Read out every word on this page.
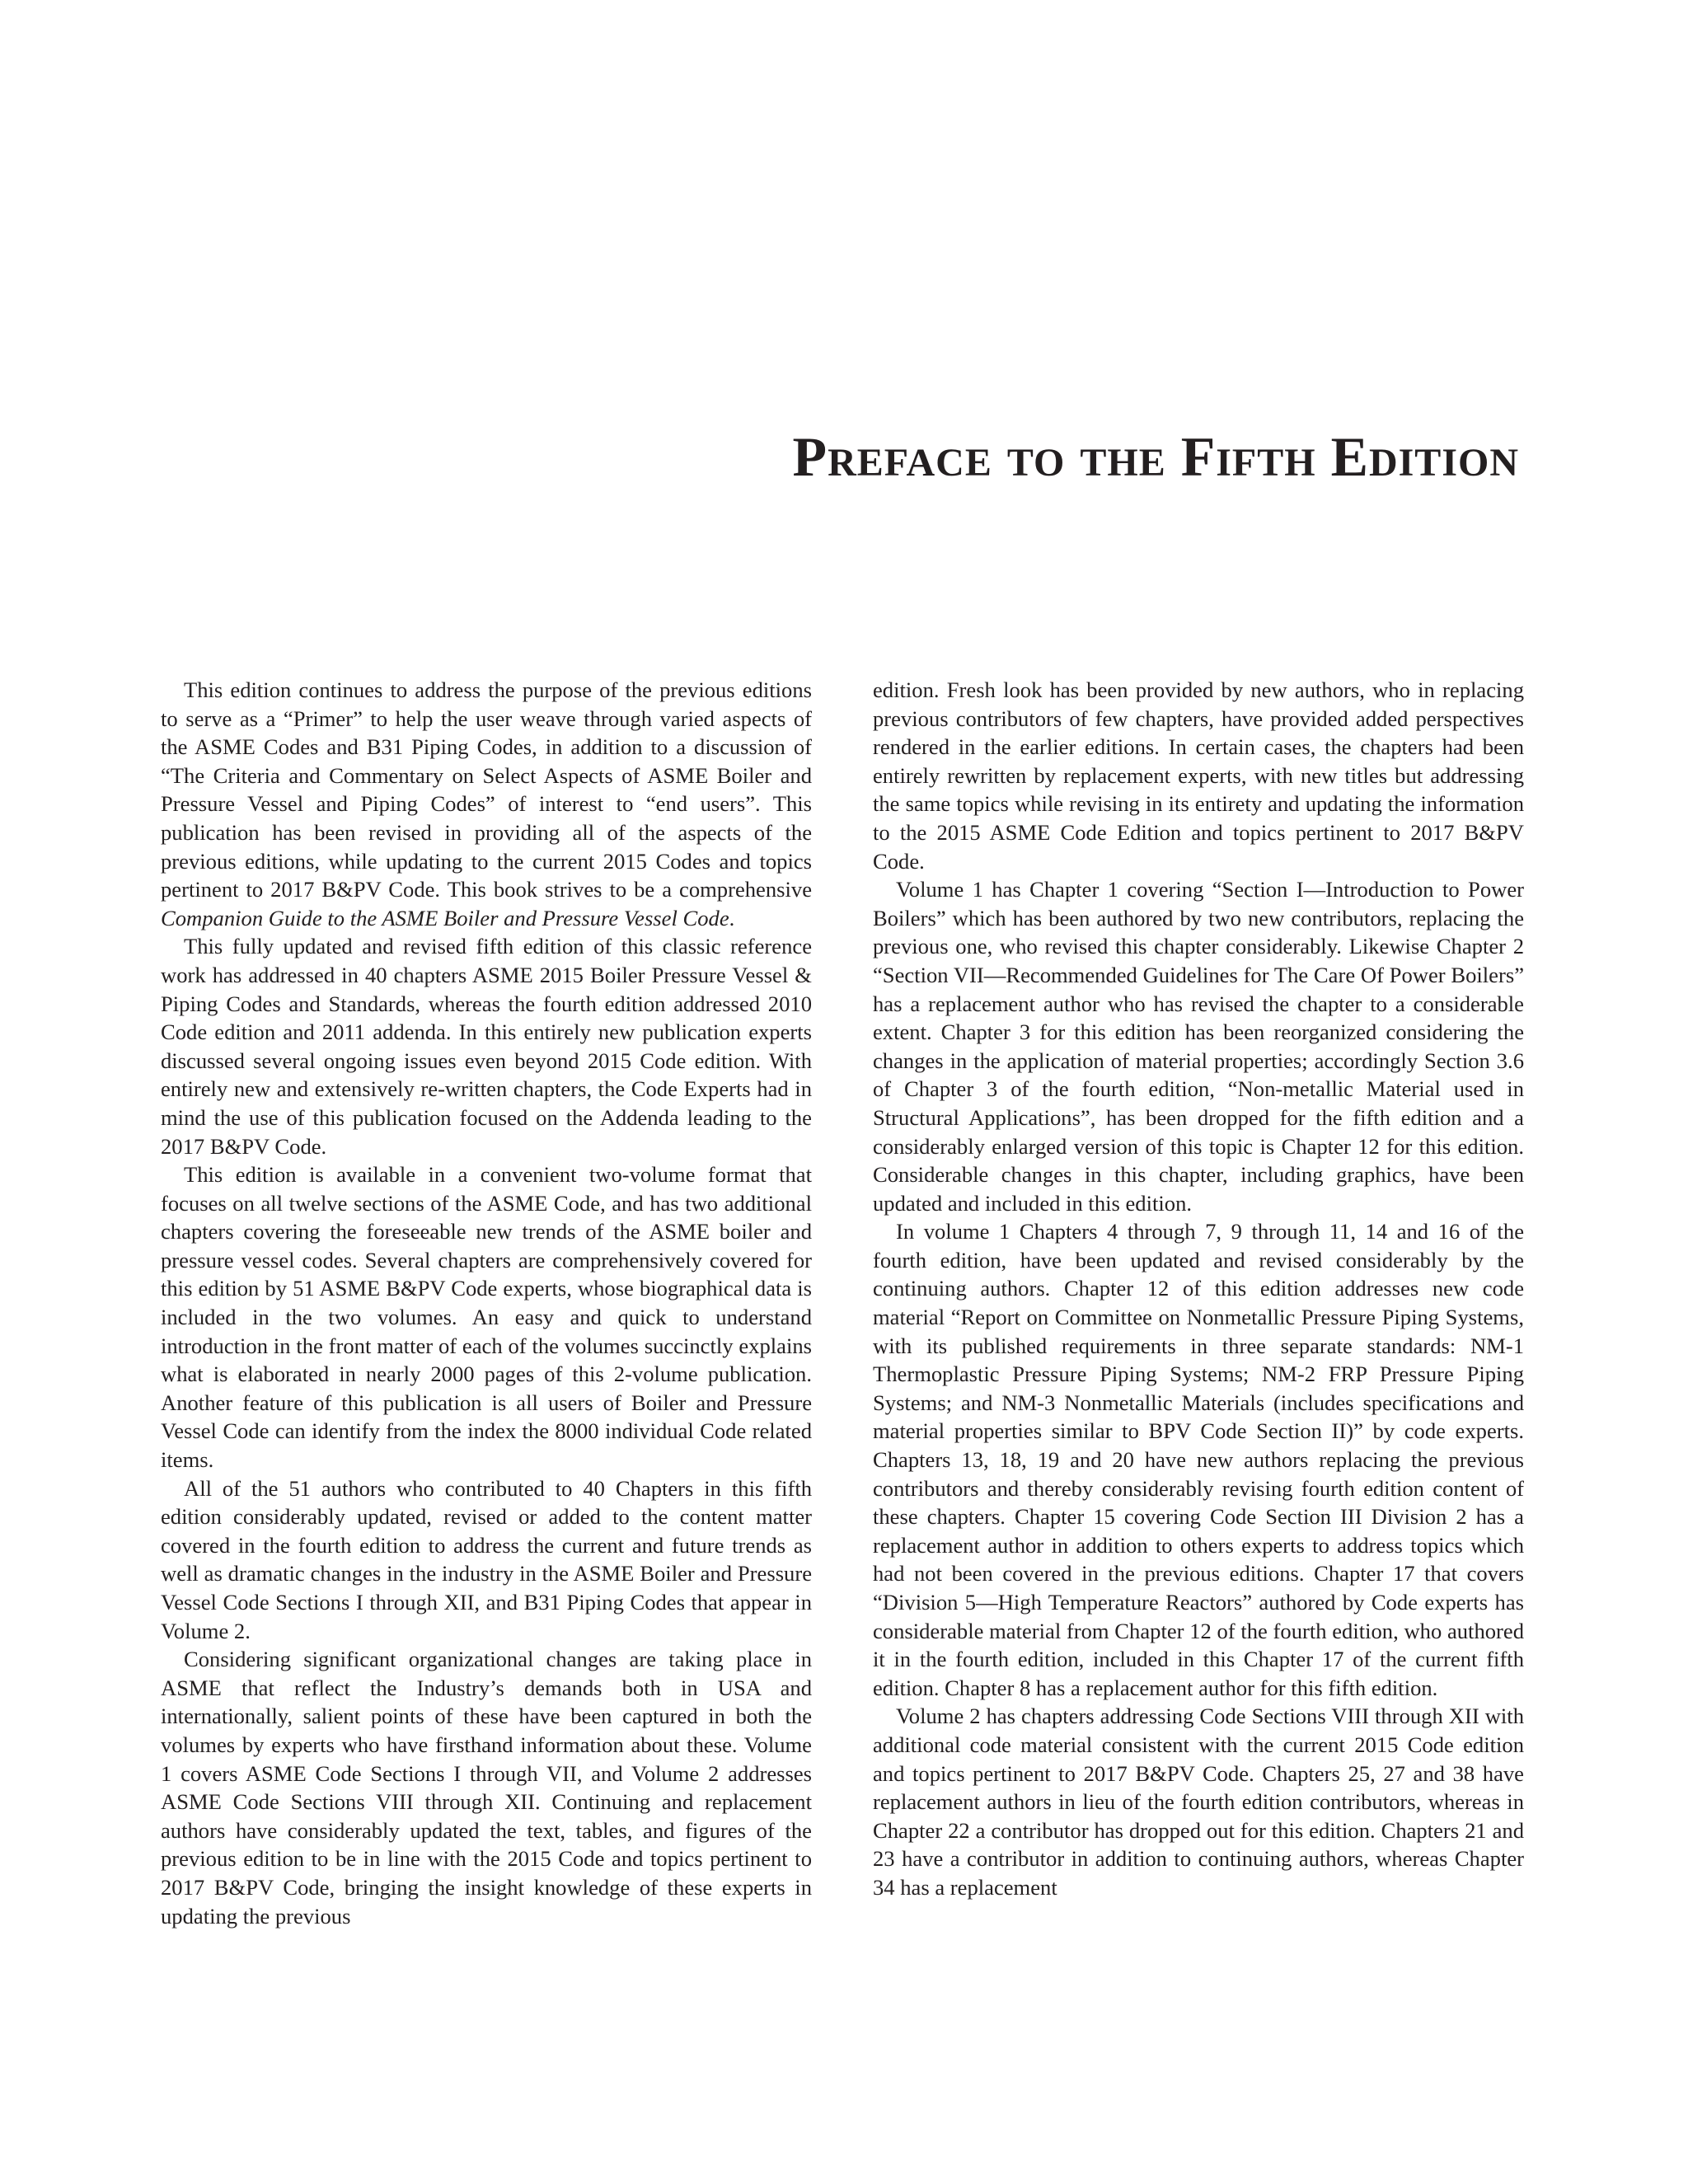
Preface to the Fifth Edition

This edition continues to address the purpose of the previous editions to serve as a “Primer” to help the user weave through varied aspects of the ASME Codes and B31 Piping Codes, in addition to a discussion of “The Criteria and Commentary on Select Aspects of ASME Boiler and Pressure Vessel and Piping Codes” of interest to “end users”. This publication has been revised in providing all of the aspects of the previous editions, while updating to the current 2015 Codes and topics pertinent to 2017 B&PV Code. This book strives to be a comprehensive Companion Guide to the ASME Boiler and Pressure Vessel Code.

This fully updated and revised fifth edition of this classic reference work has addressed in 40 chapters ASME 2015 Boiler Pressure Vessel & Piping Codes and Standards, whereas the fourth edition addressed 2010 Code edition and 2011 addenda. In this entirely new publication experts discussed several ongoing issues even beyond 2015 Code edition. With entirely new and extensively re-written chapters, the Code Experts had in mind the use of this publication focused on the Addenda leading to the 2017 B&PV Code.

This edition is available in a convenient two-volume format that focuses on all twelve sections of the ASME Code, and has two additional chapters covering the foreseeable new trends of the ASME boiler and pressure vessel codes. Several chapters are comprehensively covered for this edition by 51 ASME B&PV Code experts, whose biographical data is included in the two volumes. An easy and quick to understand introduction in the front matter of each of the volumes succinctly explains what is elaborated in nearly 2000 pages of this 2-volume publication. Another feature of this publication is all users of Boiler and Pressure Vessel Code can identify from the index the 8000 individual Code related items.

All of the 51 authors who contributed to 40 Chapters in this fifth edition considerably updated, revised or added to the content matter covered in the fourth edition to address the current and future trends as well as dramatic changes in the industry in the ASME Boiler and Pressure Vessel Code Sections I through XII, and B31 Piping Codes that appear in Volume 2.

Considering significant organizational changes are taking place in ASME that reflect the Industry’s demands both in USA and internationally, salient points of these have been captured in both the volumes by experts who have firsthand information about these. Volume 1 covers ASME Code Sections I through VII, and Volume 2 addresses ASME Code Sections VIII through XII. Continuing and replacement authors have considerably updated the text, tables, and figures of the previous edition to be in line with the 2015 Code and topics pertinent to 2017 B&PV Code, bringing the insight knowledge of these experts in updating the previous

edition. Fresh look has been provided by new authors, who in replacing previous contributors of few chapters, have provided added perspectives rendered in the earlier editions. In certain cases, the chapters had been entirely rewritten by replacement experts, with new titles but addressing the same topics while revising in its entirety and updating the information to the 2015 ASME Code Edition and topics pertinent to 2017 B&PV Code.

Volume 1 has Chapter 1 covering “Section I—Introduction to Power Boilers” which has been authored by two new contributors, replacing the previous one, who revised this chapter considerably. Likewise Chapter 2 “Section VII—Recommended Guidelines for The Care Of Power Boilers” has a replacement author who has revised the chapter to a considerable extent. Chapter 3 for this edition has been reorganized considering the changes in the application of material properties; accordingly Section 3.6 of Chapter 3 of the fourth edition, “Non-metallic Material used in Structural Applications”, has been dropped for the fifth edition and a considerably enlarged version of this topic is Chapter 12 for this edition. Considerable changes in this chapter, including graphics, have been updated and included in this edition.

In volume 1 Chapters 4 through 7, 9 through 11, 14 and 16 of the fourth edition, have been updated and revised considerably by the continuing authors. Chapter 12 of this edition addresses new code material “Report on Committee on Nonmetallic Pressure Piping Systems, with its published requirements in three separate standards: NM-1 Thermoplastic Pressure Piping Systems; NM-2 FRP Pressure Piping Systems; and NM-3 Nonmetallic Materials (includes specifications and material properties similar to BPV Code Section II)” by code experts. Chapters 13, 18, 19 and 20 have new authors replacing the previous contributors and thereby considerably revising fourth edition content of these chapters. Chapter 15 covering Code Section III Division 2 has a replacement author in addition to others experts to address topics which had not been covered in the previous editions. Chapter 17 that covers “Division 5—High Temperature Reactors” authored by Code experts has considerable material from Chapter 12 of the fourth edition, who authored it in the fourth edition, included in this Chapter 17 of the current fifth edition. Chapter 8 has a replacement author for this fifth edition.

Volume 2 has chapters addressing Code Sections VIII through XII with additional code material consistent with the current 2015 Code edition and topics pertinent to 2017 B&PV Code. Chapters 25, 27 and 38 have replacement authors in lieu of the fourth edition contributors, whereas in Chapter 22 a contributor has dropped out for this edition. Chapters 21 and 23 have a contributor in addition to continuing authors, whereas Chapter 34 has a replacement
